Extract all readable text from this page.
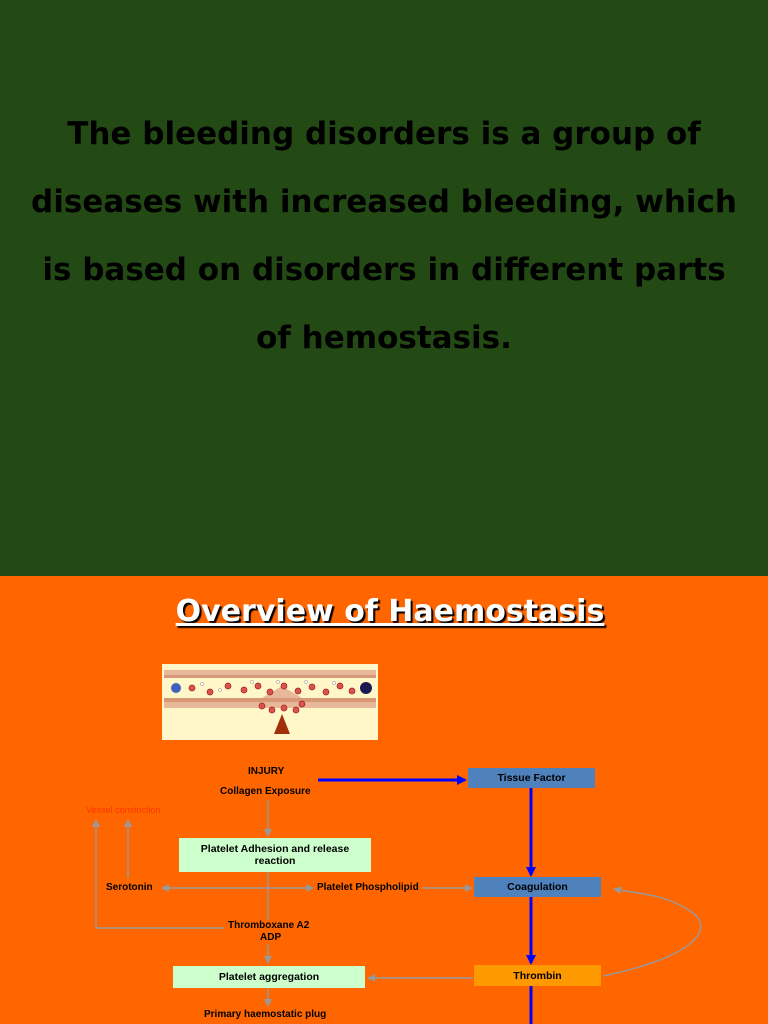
The bleeding disorders is a group of diseases with increased bleeding, which is based on disorders in different parts of hemostasis.
Overview of Haemostasis
INJURY
Collagen Exposure
Vessel constriction
Platelet Adhesion and release reaction
Serotonin	Platelet Phospholipid
Tissue Factor
Coagulation
Thromboxane A2
ADP
Platelet aggregation	Thrombin
Primary haemostatic plug
